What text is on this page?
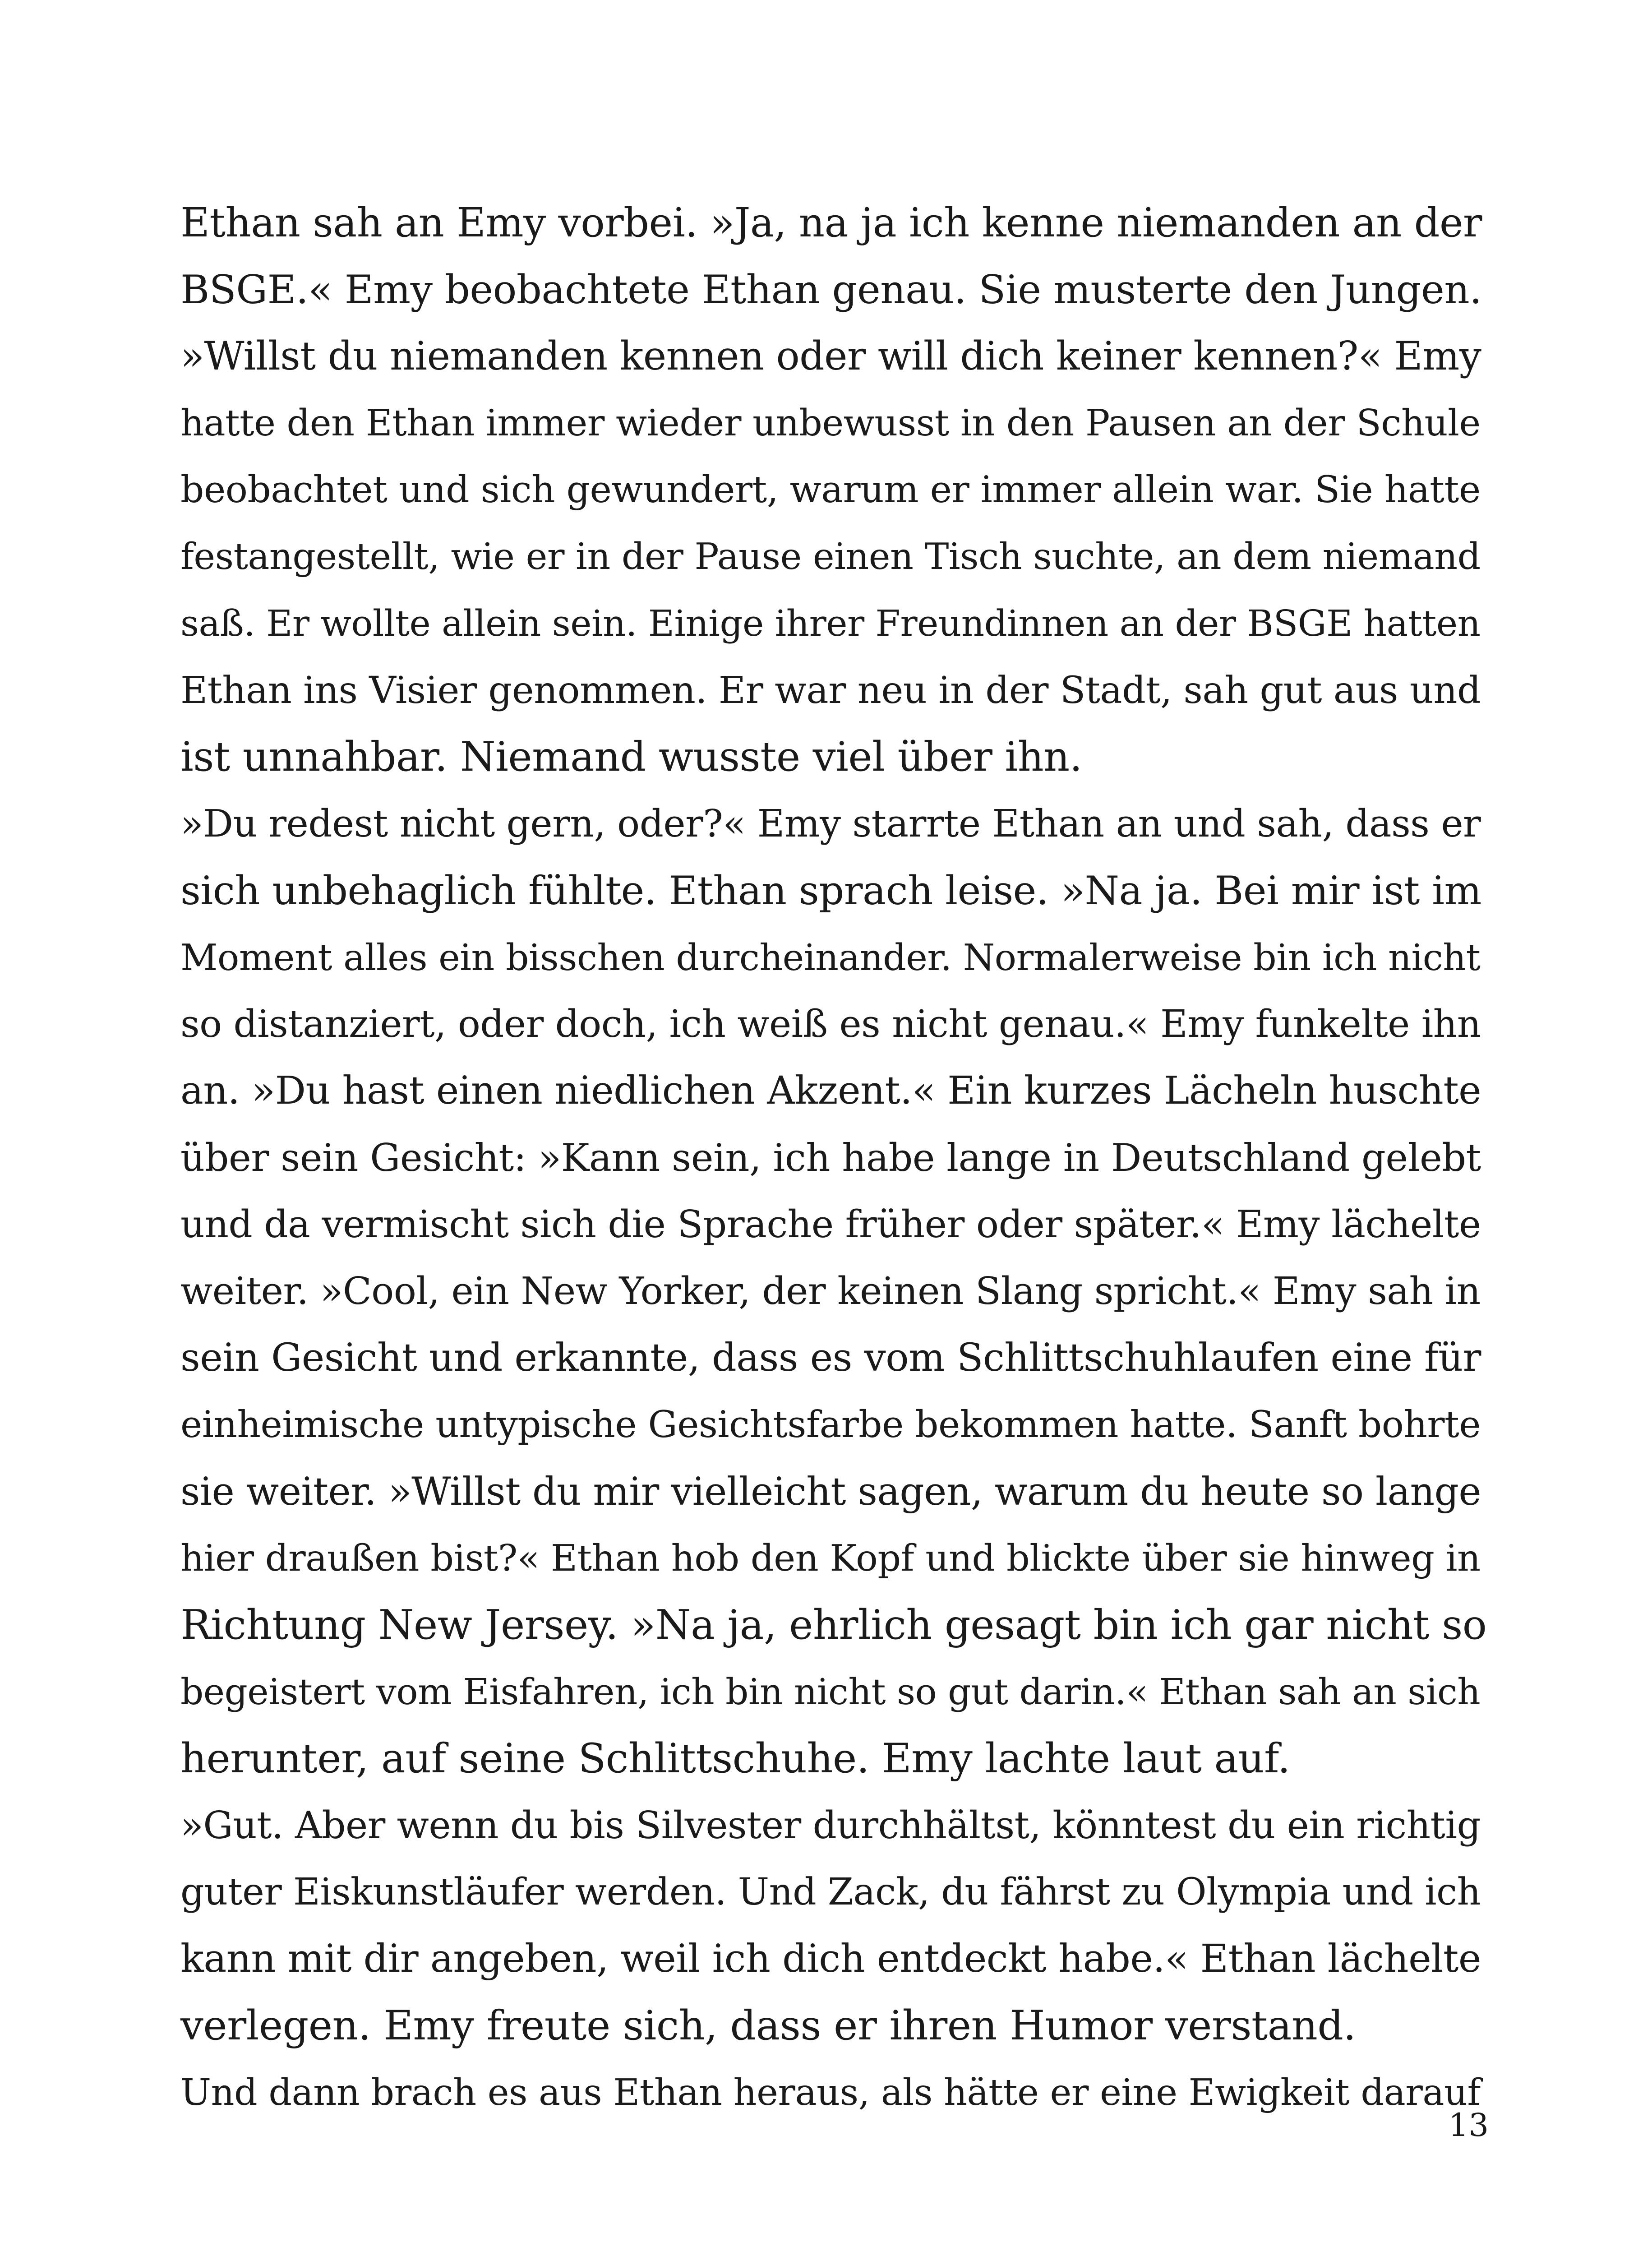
Ethan sah an Emy vorbei. »Ja, na ja ich kenne niemanden an der
BSGE.« Emy beobachtete Ethan genau. Sie musterte den Jungen.
»Willst du niemanden kennen oder will dich keiner kennen?« Emy
hatte den Ethan immer wieder unbewusst in den Pausen an der Schule
beobachtet und sich gewundert, warum er immer allein war. Sie hatte
festangestellt, wie er in der Pause einen Tisch suchte, an dem niemand
saß. Er wollte allein sein. Einige ihrer Freundinnen an der BSGE hatten
Ethan ins Visier genommen. Er war neu in der Stadt, sah gut aus und
ist unnahbar. Niemand wusste viel über ihn.
»Du redest nicht gern, oder?« Emy starrte Ethan an und sah, dass er
sich unbehaglich fühlte. Ethan sprach leise. »Na ja. Bei mir ist im
Moment alles ein bisschen durcheinander. Normalerweise bin ich nicht
so distanziert, oder doch, ich weiß es nicht genau.« Emy funkelte ihn
an. »Du hast einen niedlichen Akzent.« Ein kurzes Lächeln huschte
über sein Gesicht: »Kann sein, ich habe lange in Deutschland gelebt
und da vermischt sich die Sprache früher oder später.« Emy lächelte
weiter. »Cool, ein New Yorker, der keinen Slang spricht.« Emy sah in
sein Gesicht und erkannte, dass es vom Schlittschuhlaufen eine für
einheimische untypische Gesichtsfarbe bekommen hatte. Sanft bohrte
sie weiter. »Willst du mir vielleicht sagen, warum du heute so lange
hier draußen bist?« Ethan hob den Kopf und blickte über sie hinweg in
Richtung New Jersey. »Na ja, ehrlich gesagt bin ich gar nicht so
begeistert vom Eisfahren, ich bin nicht so gut darin.« Ethan sah an sich
herunter, auf seine Schlittschuhe. Emy lachte laut auf.
»Gut. Aber wenn du bis Silvester durchhältst, könntest du ein richtig
guter Eiskunstläufer werden. Und Zack, du fährst zu Olympia und ich
kann mit dir angeben, weil ich dich entdeckt habe.« Ethan lächelte
verlegen. Emy freute sich, dass er ihren Humor verstand.
Und dann brach es aus Ethan heraus, als hätte er eine Ewigkeit darauf
13
